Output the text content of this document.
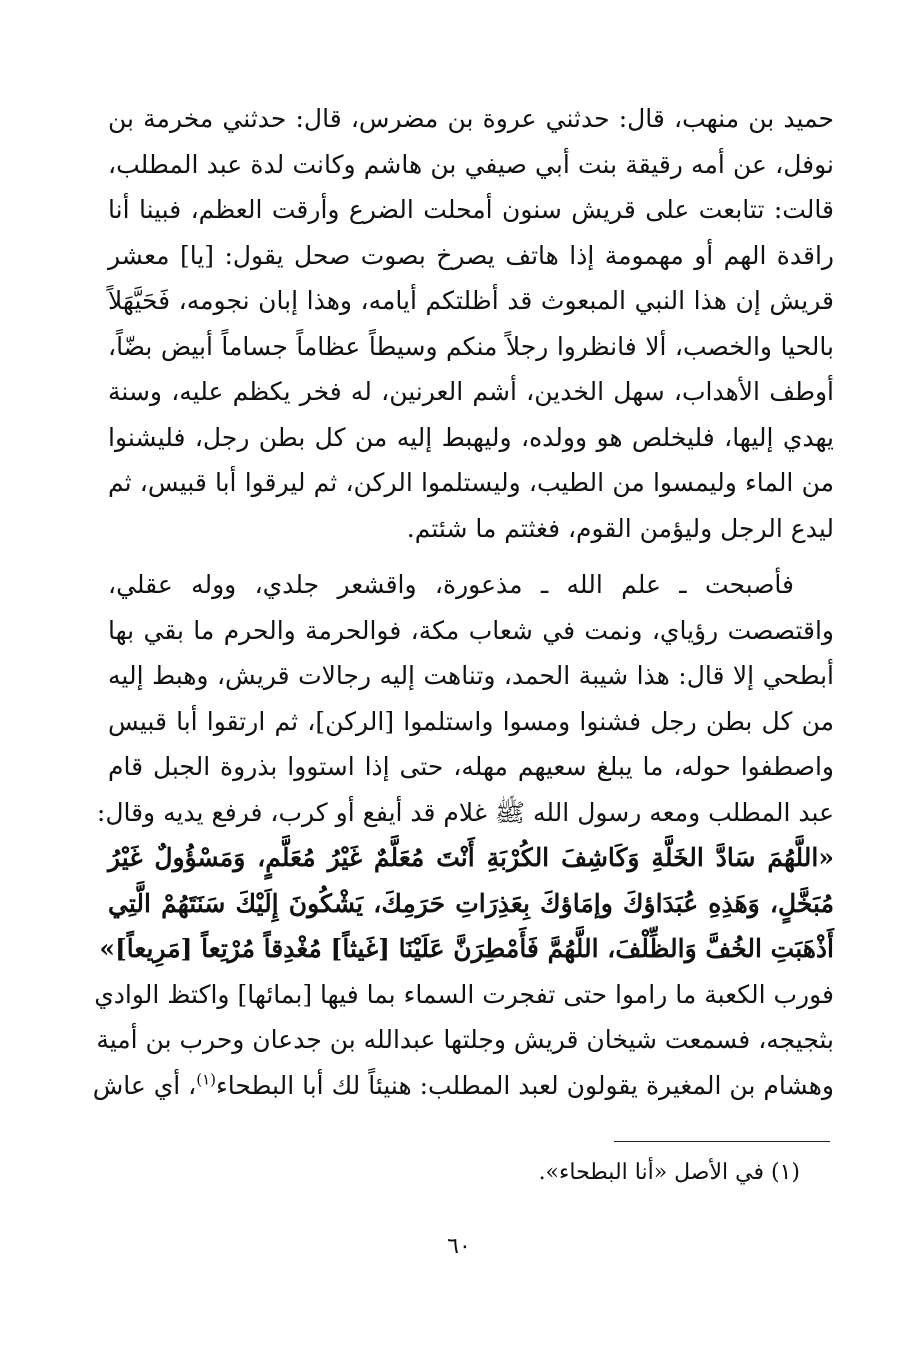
حميد بن منهب، قال: حدثني عروة بن مضرس، قال: حدثني مخرمة بن
نوفل، عن أمه رقيقة بنت أبي صيفي بن هاشم وكانت لدة عبد المطلب،
قالت: تتابعت على قريش سنون أمحلت الضرع وأرقت العظم، فبينا أنا
راقدة الهم أو مهمومة إذا هاتف يصرخ بصوت صحل يقول: [يا] معشر
قريش إن هذا النبي المبعوث قد أظلتكم أيامه، وهذا إبان نجومه، فَحَيَّهَلاً
بالحيا والخصب، ألا فانظروا رجلاً منكم وسيطاً عظاماً جساماً أبيض بضّاً،
أوطف الأهداب، سهل الخدين، أشم العرنين، له فخر يكظم عليه، وسنة
يهدي إليها، فليخلص هو وولده، وليهبط إليه من كل بطن رجل، فليشنوا
من الماء وليمسوا من الطيب، وليستلموا الركن، ثم ليرقوا أبا قبيس، ثم
ليدع الرجل وليؤمن القوم، فغثتم ما شئتم.
فأصبحت ـ علم الله ـ مذعورة، واقشعر جلدي، ووله عقلي،
واقتصصت رؤياي، ونمت في شعاب مكة، فوالحرمة والحرم ما بقي بها
أبطحي إلا قال: هذا شيبة الحمد، وتناهت إليه رجالات قريش، وهبط إليه
من كل بطن رجل فشنوا ومسوا واستلموا [الركن]، ثم ارتقوا أبا قبيس
واصطفوا حوله، ما يبلغ سعيهم مهله، حتى إذا استووا بذروة الجبل قام
عبد المطلب ومعه رسول الله ﷺ غلام قد أيفع أو كرب، فرفع يديه وقال:
«اللَّهُمَ سَادَّ الخَلَّةِ وَكَاشِفَ الكُرْبَةِ أَنْتَ مُعَلَّمٌ غَيْرُ مُعَلَّمٍ، وَمَسْؤُولٌ غَيْرُ
مُبَخَّلٍ، وَهَذِهِ عُبَدَاؤكَ وإمَاؤكَ بِعَذِرَاتِ حَرَمِكَ، يَشْكُونَ إِلَيْكَ سَنَتَهُمْ الَّتِي
أَذْهَبَتِ الخُفَّ وَالظِّلْفَ، اللَّهُمَّ فَأَمْطِرَنَّ عَلَيْنَا [غَيثاً] مُغْدِقاً مُرْتِعاً [مَرِيعاً]»
فورب الكعبة ما راموا حتى تفجرت السماء بما فيها [بمائها] واكتظ الوادي
بثجيجه، فسمعت شيخان قريش وجلتها عبدالله بن جدعان وحرب بن أمية
وهشام بن المغيرة يقولون لعبد المطلب: هنيئاً لك أبا البطحاء$^{(١)}$، أي عاش
(١) في الأصل «أنا البطحاء».
٦٠
